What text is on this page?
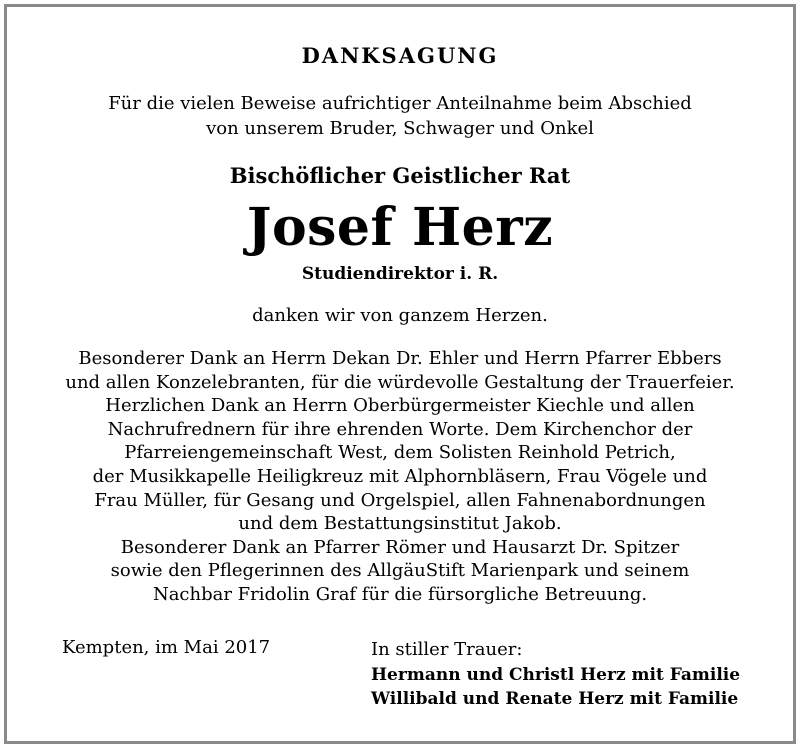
DANKSAGUNG
Für die vielen Beweise aufrichtiger Anteilnahme beim Abschied
von unserem Bruder, Schwager und Onkel
Bischöflicher Geistlicher Rat
Josef Herz
Studiendirektor i. R.
danken wir von ganzem Herzen.
Besonderer Dank an Herrn Dekan Dr. Ehler und Herrn Pfarrer Ebbers
und allen Konzelebranten, für die würdevolle Gestaltung der Trauerfeier.
Herzlichen Dank an Herrn Oberbürgermeister Kiechle und allen
Nachrufrednern für ihre ehrenden Worte. Dem Kirchenchor der
Pfarreiengemeinschaft West, dem Solisten Reinhold Petrich,
der Musikkapelle Heiligkreuz mit Alphornbläsern, Frau Vögele und
Frau Müller, für Gesang und Orgelspiel, allen Fahnenabordnungen
und dem Bestattungsinstitut Jakob.
Besonderer Dank an Pfarrer Römer und Hausarzt Dr. Spitzer
sowie den Pflegerinnen des AllgäuStift Marienpark und seinem
Nachbar Fridolin Graf für die fürsorgliche Betreuung.
Kempten, im Mai 2017	In stiller Trauer:
Hermann und Christl Herz mit Familie
Willibald und Renate Herz mit Familie
